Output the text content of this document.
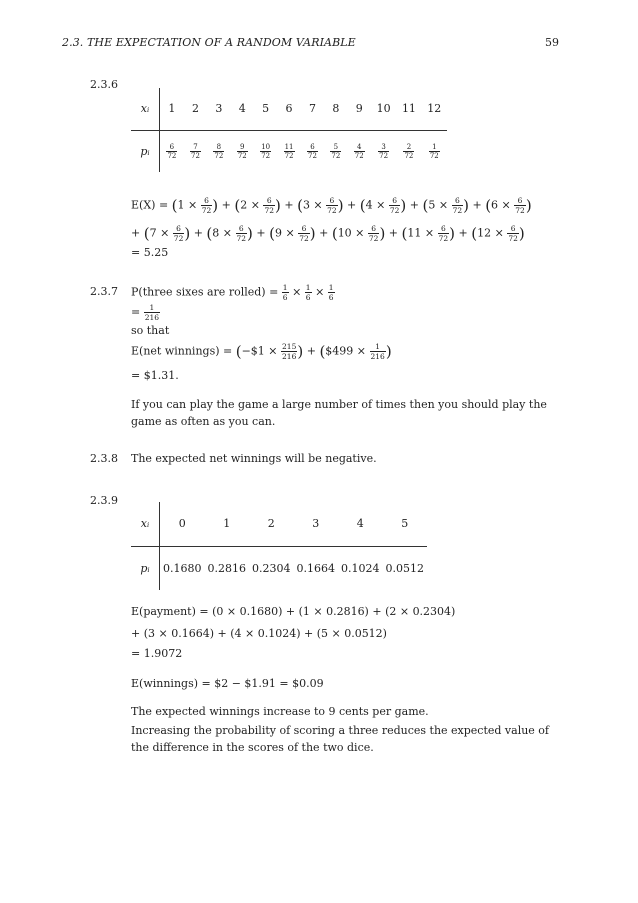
2.3. THE EXPECTATION OF A RANDOM VARIABLE	59
2.3.6
xᵢ	1	2	3	4	5	6	7	8	9	10	11	12
pᵢ	$\frac{6}{72}$	$\frac{7}{72}$	$\frac{8}{72}$	$\frac{9}{72}$	$\frac{10}{72}$	$\frac{11}{72}$	$\frac{6}{72}$	$\frac{5}{72}$	$\frac{4}{72}$	$\frac{3}{72}$	$\frac{2}{72}$	$\frac{1}{72}$
$E(X) = (1 \times \frac{6}{72}$ ) + ($2 \times \frac{6}{72}$ ) + ($3 \times \frac{6}{72}$ ) + ($4 \times \frac{6}{72}$ ) + ($5 \times \frac{6}{72}$ ) + ($6 \times \frac{6}{72}$ )
+ ($7 \times \frac{6}{72}$ ) + ($8 \times \frac{6}{72}$ ) + ($9 \times \frac{6}{72}$ ) + ($10 \times \frac{6}{72}$ ) + ($11 \times \frac{6}{72}$ ) + ($12 \times \frac{6}{72}$ )
= 5.25
2.3.7 P(three sixes are rolled) = $\frac{1}{6} \times \frac{1}{6} \times \frac{1}{6}$
= $\frac{1}{216}$
so that
E(net winnings) = (−$1 × $\frac{215}{216}$ ) + ($499 × $\frac{1}{216}$ )
= $1.31.
If you can play the game a large number of times then you should play the game as often as you can.
2.3.8 The expected net winnings will be negative.
2.3.9
xᵢ	0	1	2	3	4	5
pᵢ	0.1680	0.2816	0.2304	0.1664	0.1024	0.0512
E(payment) = (0 × 0.1680) + (1 × 0.2816) + (2 × 0.2304)
+ (3 × 0.1664) + (4 × 0.1024) + (5 × 0.0512)
= 1.9072
E(winnings) = $2 − $1.91 = $0.09
The expected winnings increase to 9 cents per game.
Increasing the probability of scoring a three reduces the expected value of the difference in the scores of the two dice.
